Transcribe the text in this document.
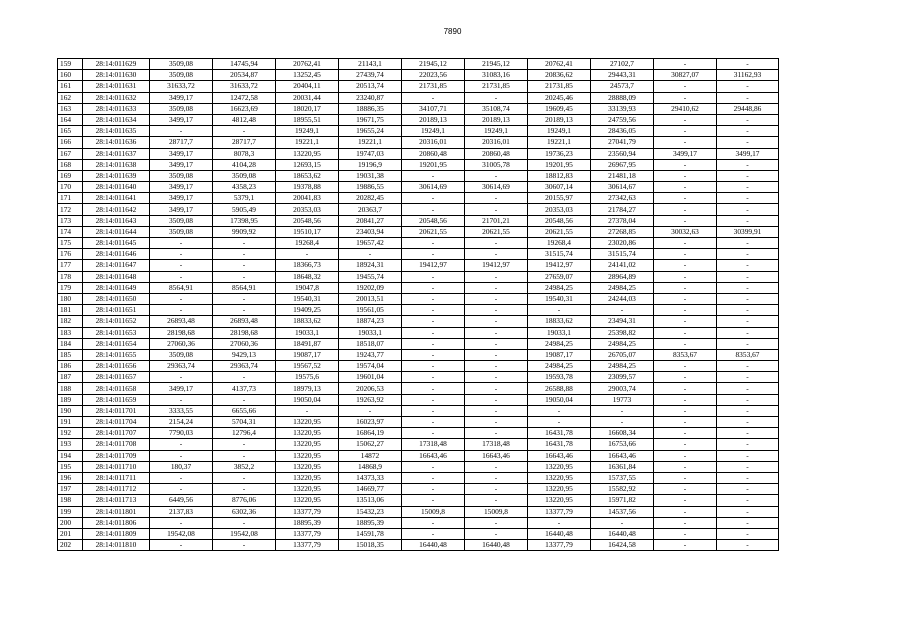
7890
159	28:14:011629	3509,08	14745,94	20762,41	21143,1	21945,12	21945,12	20762,41	27102,7	-	-
160	28:14:011630	3509,08	20534,87	13252,45	27439,74	22023,56	31083,16	20836,62	29443,31	30827,07	31162,93
161	28:14:011631	31633,72	31633,72	20404,11	20513,74	21731,85	21731,85	21731,85	24573,7	-	-
162	28:14:011632	3499,17	12472,58	20031,44	23240,87	-	-	20245,46	28888,09	-	-
163	28:14:011633	3509,08	16623,69	18020,17	18886,35	34107,71	35108,74	19609,45	33139,93	29410,62	29448,86
164	28:14:011634	3499,17	4812,48	18955,51	19671,75	20189,13	20189,13	20189,13	24759,56	-	-
165	28:14:011635	-	-	19249,1	19655,24	19249,1	19249,1	19249,1	28436,05	-	-
166	28:14:011636	28717,7	28717,7	19221,1	19221,1	20316,01	20316,01	19221,1	27041,79	-	-
167	28:14:011637	3499,17	8078,3	13220,95	19747,03	20860,48	20860,48	19736,23	23560,94	3499,17	3499,17
168	28:14:011638	3499,17	4104,28	12693,15	19196,9	19201,95	31005,78	19201,95	26967,95	-	-
169	28:14:011639	3509,08	3509,08	18653,62	19031,38	-	-	18812,83	21481,18	-	-
170	28:14:011640	3499,17	4358,23	19378,88	19886,55	30614,69	30614,69	30607,14	30614,67	-	-
171	28:14:011641	3499,17	5379,1	20041,83	20282,45	-	-	20155,97	27342,63	-	-
172	28:14:011642	3499,17	5905,49	20353,03	20363,7	-	-	20353,03	21784,27	-	-
173	28:14:011643	3509,08	17398,95	20548,56	20841,27	20548,56	21701,21	20548,56	27378,04	-	-
174	28:14:011644	3509,08	9909,92	19510,17	23403,94	20621,55	20621,55	20621,55	27268,85	30032,63	30399,91
175	28:14:011645	-	-	19268,4	19657,42	-	-	19268,4	23020,86	-	-
176	28:14:011646	-	-	-	-	-	-	31515,74	31515,74	-	-
177	28:14:011647	-	-	18366,73	18924,31	19412,97	19412,97	19412,97	24141,02	-	-
178	28:14:011648	-	-	18648,32	19455,74	-	-	27659,07	28964,89	-	-
179	28:14:011649	8564,91	8564,91	19047,8	19202,09	-	-	24984,25	24984,25	-	-
180	28:14:011650	-	-	19540,31	20013,51	-	-	19540,31	24244,03	-	-
181	28:14:011651	-	-	19409,25	19561,05	-	-	-	-	-	-
182	28:14:011652	26893,48	26893,48	18833,62	18874,23	-	-	18833,62	23494,31	-	-
183	28:14:011653	28198,68	28198,68	19033,1	19033,1	-	-	19033,1	25398,82	-	-
184	28:14:011654	27060,36	27060,36	18491,87	18518,07	-	-	24984,25	24984,25	-	-
185	28:14:011655	3509,08	9429,13	19087,17	19243,77	-	-	19087,17	26705,07	8353,67	8353,67
186	28:14:011656	29363,74	29363,74	19567,52	19574,04	-	-	24984,25	24984,25	-	-
187	28:14:011657	-	-	19575,6	19601,04	-	-	19593,78	23099,57	-	-
188	28:14:011658	3499,17	4137,73	18979,13	20206,53	-	-	26588,88	29003,74	-	-
189	28:14:011659	-	-	19050,04	19263,92	-	-	19050,04	19773	-	-
190	28:14:011701	3333,55	6655,66	-	-	-	-	-	-	-	-
191	28:14:011704	2154,24	5704,31	13220,95	16023,97	-	-	-	-	-	-
192	28:14:011707	7790,03	12796,4	13220,95	16864,19	-	-	16431,78	16608,34	-	-
193	28:14:011708	-	-	13220,95	15062,27	17318,48	17318,48	16431,78	16753,66	-	-
194	28:14:011709	-	-	13220,95	14872	16643,46	16643,46	16643,46	16643,46	-	-
195	28:14:011710	180,37	3852,2	13220,95	14868,9	-	-	13220,95	16361,84	-	-
196	28:14:011711	-	-	13220,95	14373,33	-	-	13220,95	15737,55	-	-
197	28:14:011712	-	-	13220,95	14669,77	-	-	13220,95	15582,92	-	-
198	28:14:011713	6449,56	8776,06	13220,95	13513,06	-	-	13220,95	15971,82	-	-
199	28:14:011801	2137,83	6302,36	13377,79	15432,23	15009,8	15009,8	13377,79	14537,56	-	-
200	28:14:011806	-	-	18895,39	18895,39	-	-	-	-	-	-
201	28:14:011809	19542,08	19542,08	13377,79	14591,78	-	-	16440,48	16440,48	-	-
202	28:14:011810	-	-	13377,79	15018,35	16440,48	16440,48	13377,79	16424,58	-	-
